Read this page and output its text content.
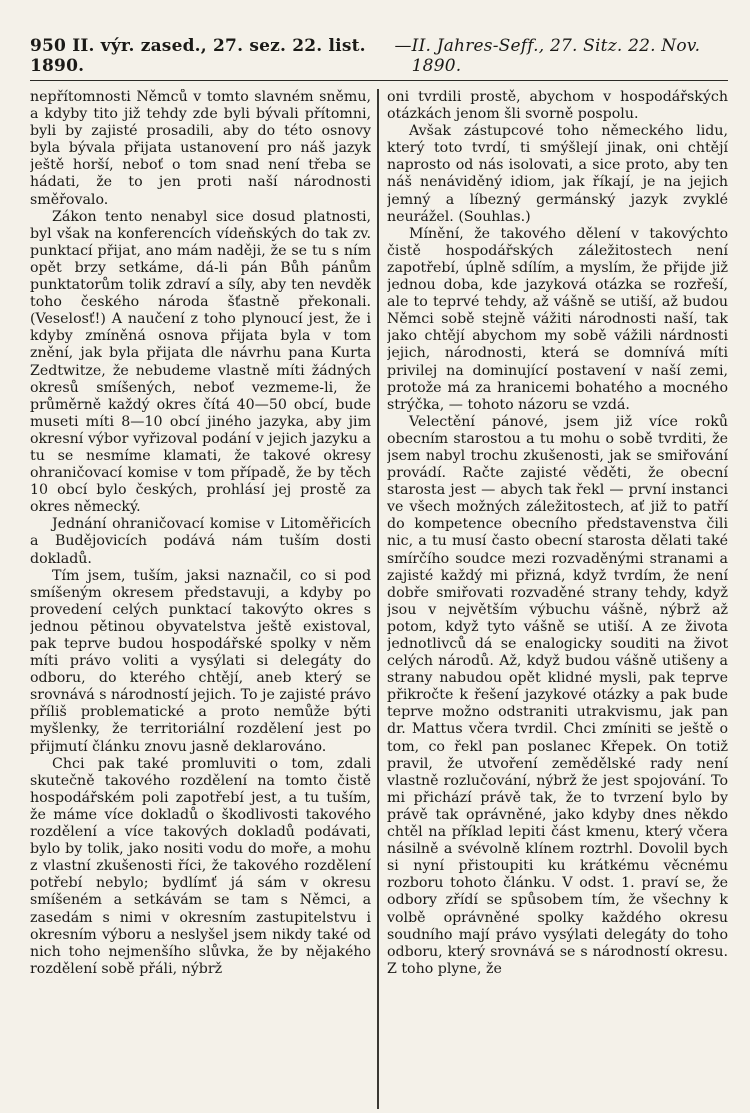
950 II. výr. zased., 27. sez. 22. list. 1890.
— II. Jahres-Seff., 27. Sitz. 22. Nov. 1890.

nepřítomnosti Němců v tomto slavném sněmu, a kdyby tito již tehdy zde byli bývali přítomni, byli by zajisté prosadili, aby do této osnovy byla bývala přijata ustanovení pro náš jazyk ještě horší, neboť o tom snad není třeba se hádati, že to jen proti naší národnosti směřovalo.

Zákon tento nenabyl sice dosud platnosti, byl však na konferencích vídeňských do tak zv. punktací přijat, ano mám naději, že se tu s ním opět brzy setkáme, dá-li pán Bůh pánům punktatorům tolik zdraví a síly, aby ten nevděk toho českého národa šťastně překonali. (Veselosť!) A naučení z toho plynoucí jest, že i kdyby zmíněná osnova přijata byla v tom znění, jak byla přijata dle návrhu pana Kurta Zedtwitze, že nebudeme vlastně míti žádných okresů smíšených, neboť vezmeme-li, že průměrně každý okres čítá 40—50 obcí, bude museti míti 8—10 obcí jiného jazyka, aby jim okresní výbor vyřizoval podání v jejich jazyku a tu se nesmíme klamati, že takové okresy ohraničovací komise v tom případě, že by těch 10 obcí bylo českých, prohlásí jej prostě za okres německý.

Jednání ohraničovací komise v Litoměřicích a Budějovicích podává nám tuším dosti dokladů.

Tím jsem, tuším, jaksi naznačil, co si pod smíšeným okresem představuji, a kdyby po provedení celých punktací takovýto okres s jednou pětinou obyvatelstva ještě existoval, pak teprve budou hospodářské spolky v něm míti právo voliti a vysýlati si delegáty do odboru, do kterého chtějí, aneb který se srovnává s národností jejich. To je zajisté právo příliš problematické a proto nemůže býti myšlenky, že territoriální rozdělení jest po přijmutí článku znovu jasně deklarováno.

Chci pak také promluviti o tom, zdali skutečně takového rozdělení na tomto čistě hospodářském poli zapotřebí jest, a tu tuším, že máme více dokladů o škodlivosti takového rozdělení a více takových dokladů podávati, bylo by tolik, jako nositi vodu do moře, a mohu z vlastní zkušenosti říci, že takového rozdělení potřebí nebylo; bydlímť já sám v okresu smíšeném a setkávám se tam s Němci, a zasedám s nimi v okresním zastupitelstvu i okresním výboru a neslyšel jsem nikdy také od nich toho nejmenšího slůvka, že by nějakého rozdělení sobě přáli, nýbrž

oni tvrdili prostě, abychom v hospodářských otázkách jenom šli svorně pospolu.

Avšak zástupcové toho německého lidu, který toto tvrdí, ti smýšlejí jinak, oni chtějí naprosto od nás isolovati, a sice proto, aby ten náš nenáviděný idiom, jak říkají, je na jejich jemný a líbezný germánský jazyk zvyklé neurážel. (Souhlas.)

Mínění, že takového dělení v takovýchto čistě hospodářských záležitostech není zapotřebí, úplně sdílím, a myslím, že přijde již jednou doba, kde jazyková otázka se rozřeší, ale to teprvé tehdy, až vášně se utiší, až budou Němci sobě stejně vážiti národnosti naší, tak jako chtějí abychom my sobě vážili nárdnosti jejich, národnosti, která se domnívá míti privilej na dominující postavení v naší zemi, protože má za hranicemi bohatého a mocného strýčka, — tohoto názoru se vzdá.

Velectění pánové, jsem již více roků obecním starostou a tu mohu o sobě tvrditi, že jsem nabyl trochu zkušenosti, jak se smiřování provádí. Račte zajisté věděti, že obecní starosta jest — abych tak řekl — první instanci ve všech možných záležitostech, ať již to patří do kompetence obecního představenstva čili nic, a tu musí často obecní starosta dělati také smírčího soudce mezi rozvaděnými stranami a zajisté každý mi přizná, když tvrdím, že není dobře smiřovati rozvaděné strany tehdy, když jsou v největším výbuchu vášně, nýbrž až potom, když tyto vášně se utiší. A ze života jednotlivců dá se enalogicky souditi na život celých národů. Až, když budou vášně utišeny a strany nabudou opět klidné mysli, pak teprve přikročte k řešení jazykové otázky a pak bude teprve možno odstraniti utrakvismu, jak pan dr. Mattus včera tvrdil. Chci zmíniti se ještě o tom, co řekl pan poslanec Křepek. On totiž pravil, že utvoření zemědělské rady není vlastně rozlučování, nýbrž že jest spojování. To mi přichází právě tak, že to tvrzení bylo by právě tak oprávněné, jako kdyby dnes někdo chtěl na příklad lepiti část kmenu, který včera násilně a svévolně klínem roztrhl. Dovolil bych si nyní přistoupiti ku krátkému věcnému rozboru tohoto článku. V odst. 1. praví se, že odbory zřídí se spůsobem tím, že všechny k volbě oprávněné spolky každého okresu soudního mají právo vysýlati delegáty do toho odboru, který srovnává se s národností okresu. Z toho plyne, že
